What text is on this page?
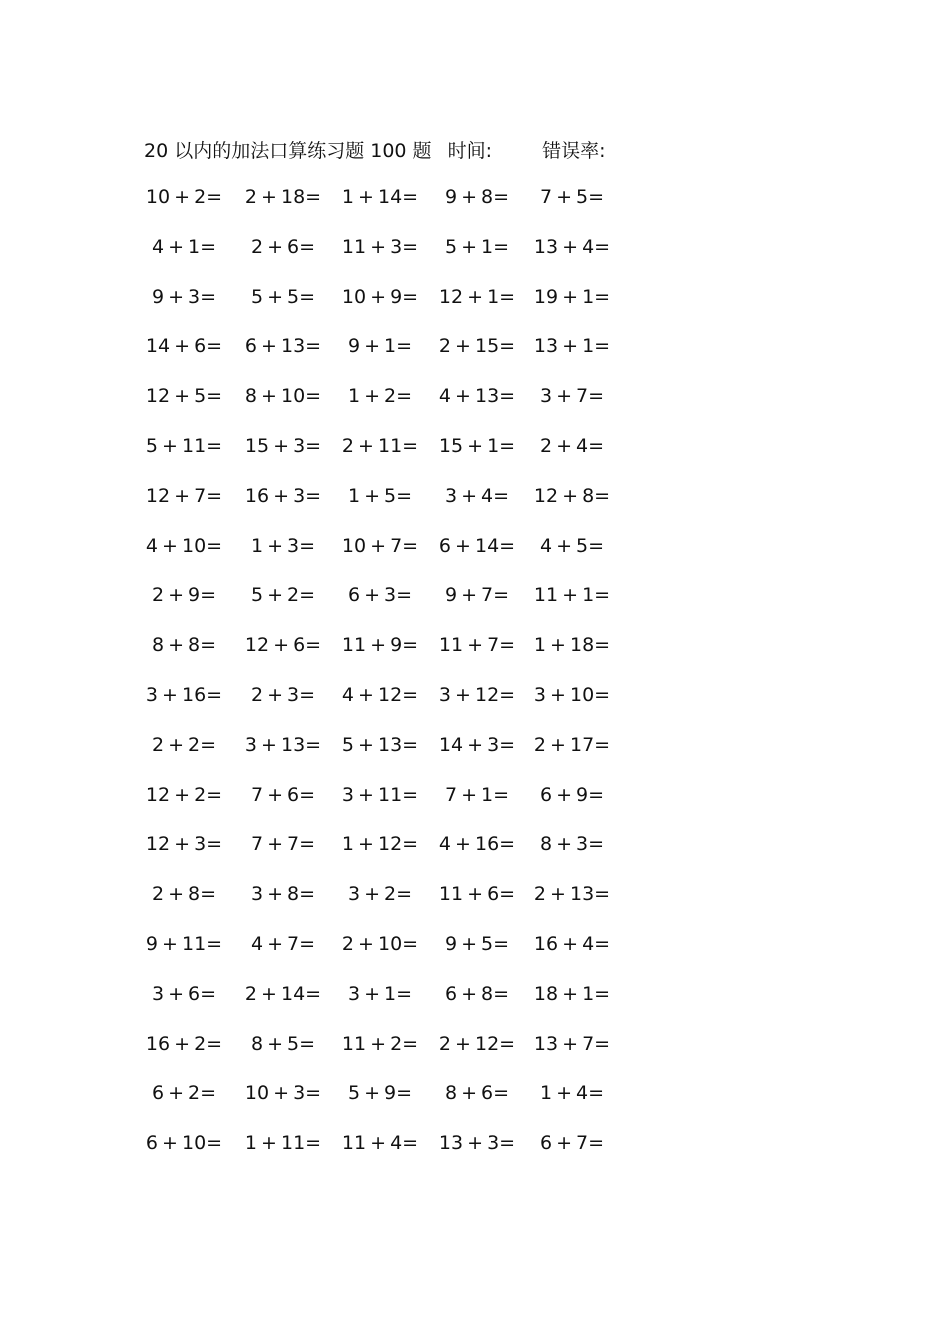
20 以内的加法口算练习题 100 题 时间:	错误率:
10 + 2= 2 + 18= 1 + 14= 9 + 8= 7 + 5=
4 + 1= 2 + 6= 11 + 3= 5 + 1= 13 + 4=
9 + 3= 5 + 5= 10 + 9= 12 + 1= 19 + 1=
14 + 6= 6 + 13= 9 + 1= 2 + 15= 13 + 1=
12 + 5= 8 + 10= 1 + 2= 4 + 13= 3 + 7=
5 + 11= 15 + 3= 2 + 11= 15 + 1= 2 + 4=
12 + 7= 16 + 3= 1 + 5= 3 + 4= 12 + 8=
4 + 10= 1 + 3= 10 + 7= 6 + 14= 4 + 5=
2 + 9= 5 + 2= 6 + 3= 9 + 7= 11 + 1=
8 + 8= 12 + 6= 11 + 9= 11 + 7= 1 + 18=
3 + 16= 2 + 3= 4 + 12= 3 + 12= 3 + 10=
2 + 2= 3 + 13= 5 + 13= 14 + 3= 2 + 17=
12 + 2= 7 + 6= 3 + 11= 7 + 1= 6 + 9=
12 + 3= 7 + 7= 1 + 12= 4 + 16= 8 + 3=
2 + 8= 3 + 8= 3 + 2= 11 + 6= 2 + 13=
9 + 11= 4 + 7= 2 + 10= 9 + 5= 16 + 4=
3 + 6= 2 + 14= 3 + 1= 6 + 8= 18 + 1=
16 + 2= 8 + 5= 11 + 2= 2 + 12= 13 + 7=
6 + 2= 10 + 3= 5 + 9= 8 + 6= 1 + 4=
6 + 10= 1 + 11= 11 + 4= 13 + 3= 6 + 7=
